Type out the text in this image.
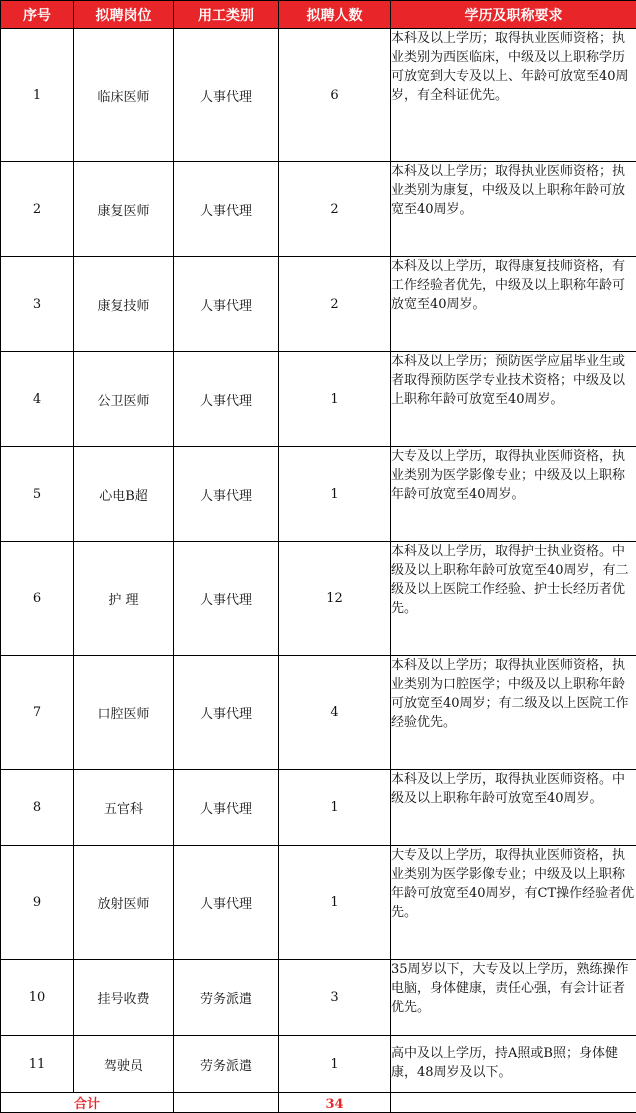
序号	拟聘岗位	用工类别	拟聘人数	学历及职称要求
1	临床医师	人事代理	6	本科及以上学历；取得执业医师资格；执业类别为西医临床，中级及以上职称学历可放宽到大专及以上、年龄可放宽至40周岁，有全科证优先。
2	康复医师	人事代理	2	本科及以上学历；取得执业医师资格；执业类别为康复，中级及以上职称年龄可放宽至40周岁。
3	康复技师	人事代理	2	本科及以上学历，取得康复技师资格，有工作经验者优先，中级及以上职称年龄可放宽至40周岁。
4	公卫医师	人事代理	1	本科及以上学历；预防医学应届毕业生或者取得预防医学专业技术资格；中级及以上职称年龄可放宽至40周岁。
5	心电B超	人事代理	1	大专及以上学历，取得执业医师资格，执业类别为医学影像专业；中级及以上职称年龄可放宽至40周岁。
6	护 理	人事代理	12	本科及以上学历，取得护士执业资格。中级及以上职称年龄可放宽至40周岁，有二级及以上医院工作经验、护士长经历者优先。
7	口腔医师	人事代理	4	本科及以上学历；取得执业医师资格，执业类别为口腔医学；中级及以上职称年龄可放宽至40周岁；有二级及以上医院工作经验优先。
8	五官科	人事代理	1	本科及以上学历，取得执业医师资格。中级及以上职称年龄可放宽至40周岁。
9	放射医师	人事代理	1	大专及以上学历，取得执业医师资格，执业类别为医学影像专业；中级及以上职称年龄可放宽至40周岁，有CT操作经验者优先。
10	挂号收费	劳务派遣	3	35周岁以下，大专及以上学历，熟练操作电脑，身体健康，责任心强，有会计证者优先。
11	驾驶员	劳务派遣	1	高中及以上学历，持A照或B照；身体健康，48周岁及以下。
合计			34	
